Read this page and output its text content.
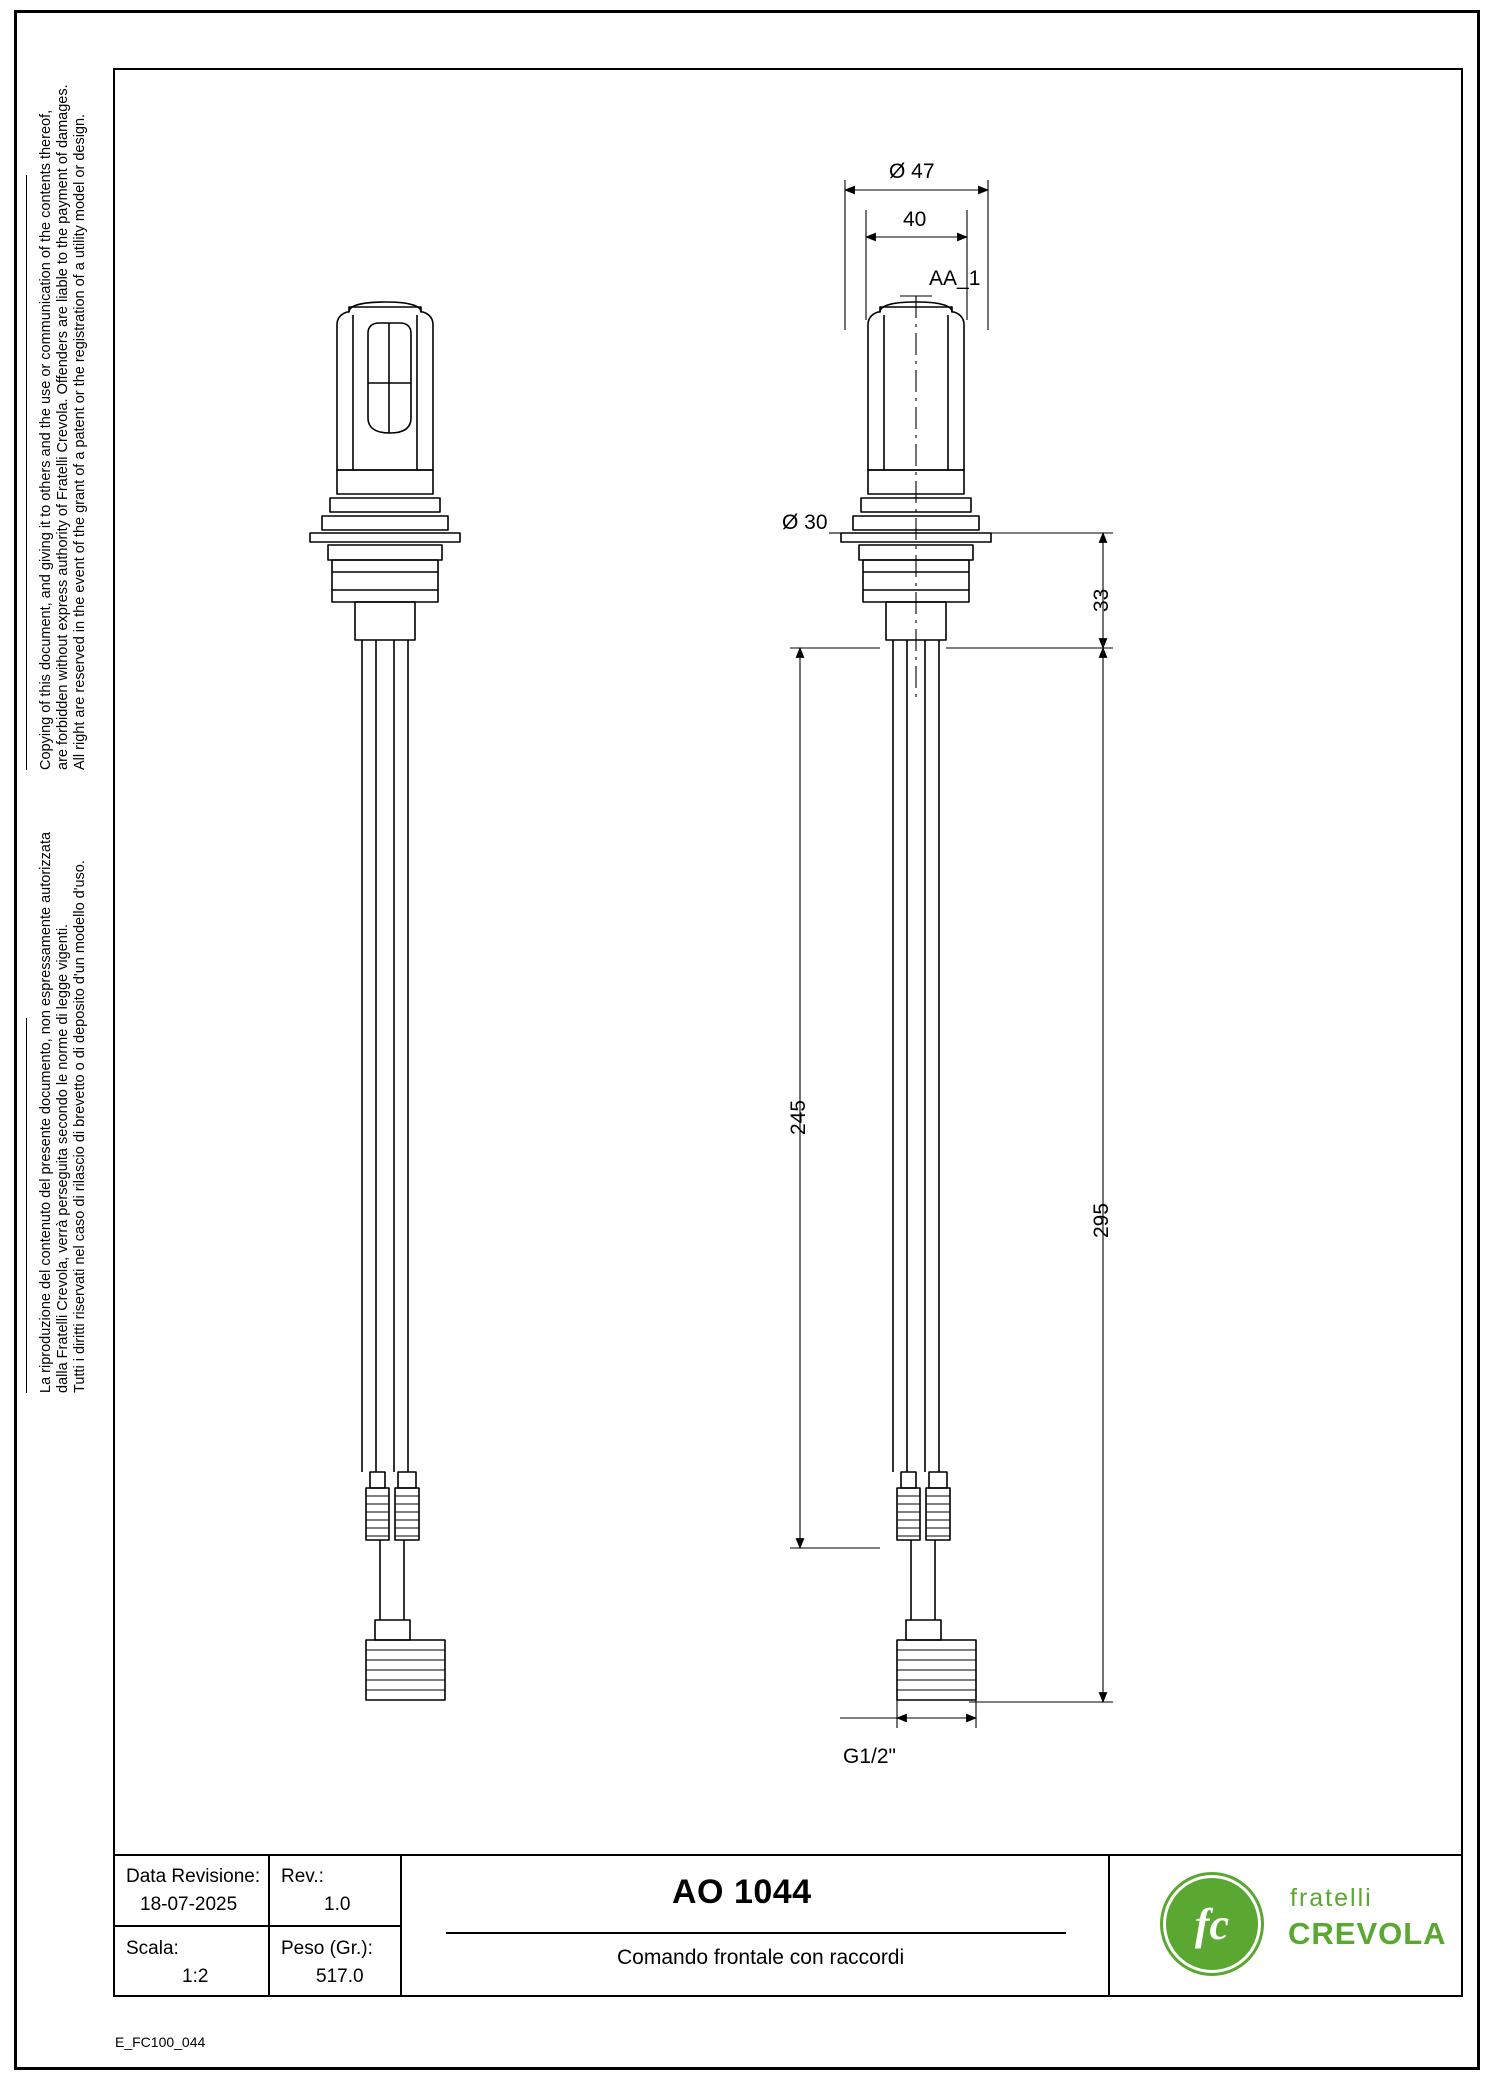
Copying of this document, and giving it to others and the use or communication of the contents thereof, are forbidden without express authority of Fratelli Crevola. Offenders are liable to the payment of damages. All right are reserved in the event of the grant of a patent or the registration of a utility model or design.
La riproduzione del contenuto del presente documento, non espressamente autorizzata dalla Fratelli Crevola, verrà perseguita secondo le norme di legge vigenti. Tutti i diritti riservati nel caso di rilascio di brevetto o di deposito d'un modello d'uso.
Ø 47
40
AA_1
Ø 30
33
245
295
G1/2"
Data Revisione:
18-07-2025
Rev.:
1.0
Scala:
1:2
Peso (Gr.):
517.0
AO 1044
Comando frontale con raccordi
fc
fratelli
CREVOLA
E_FC100_044
